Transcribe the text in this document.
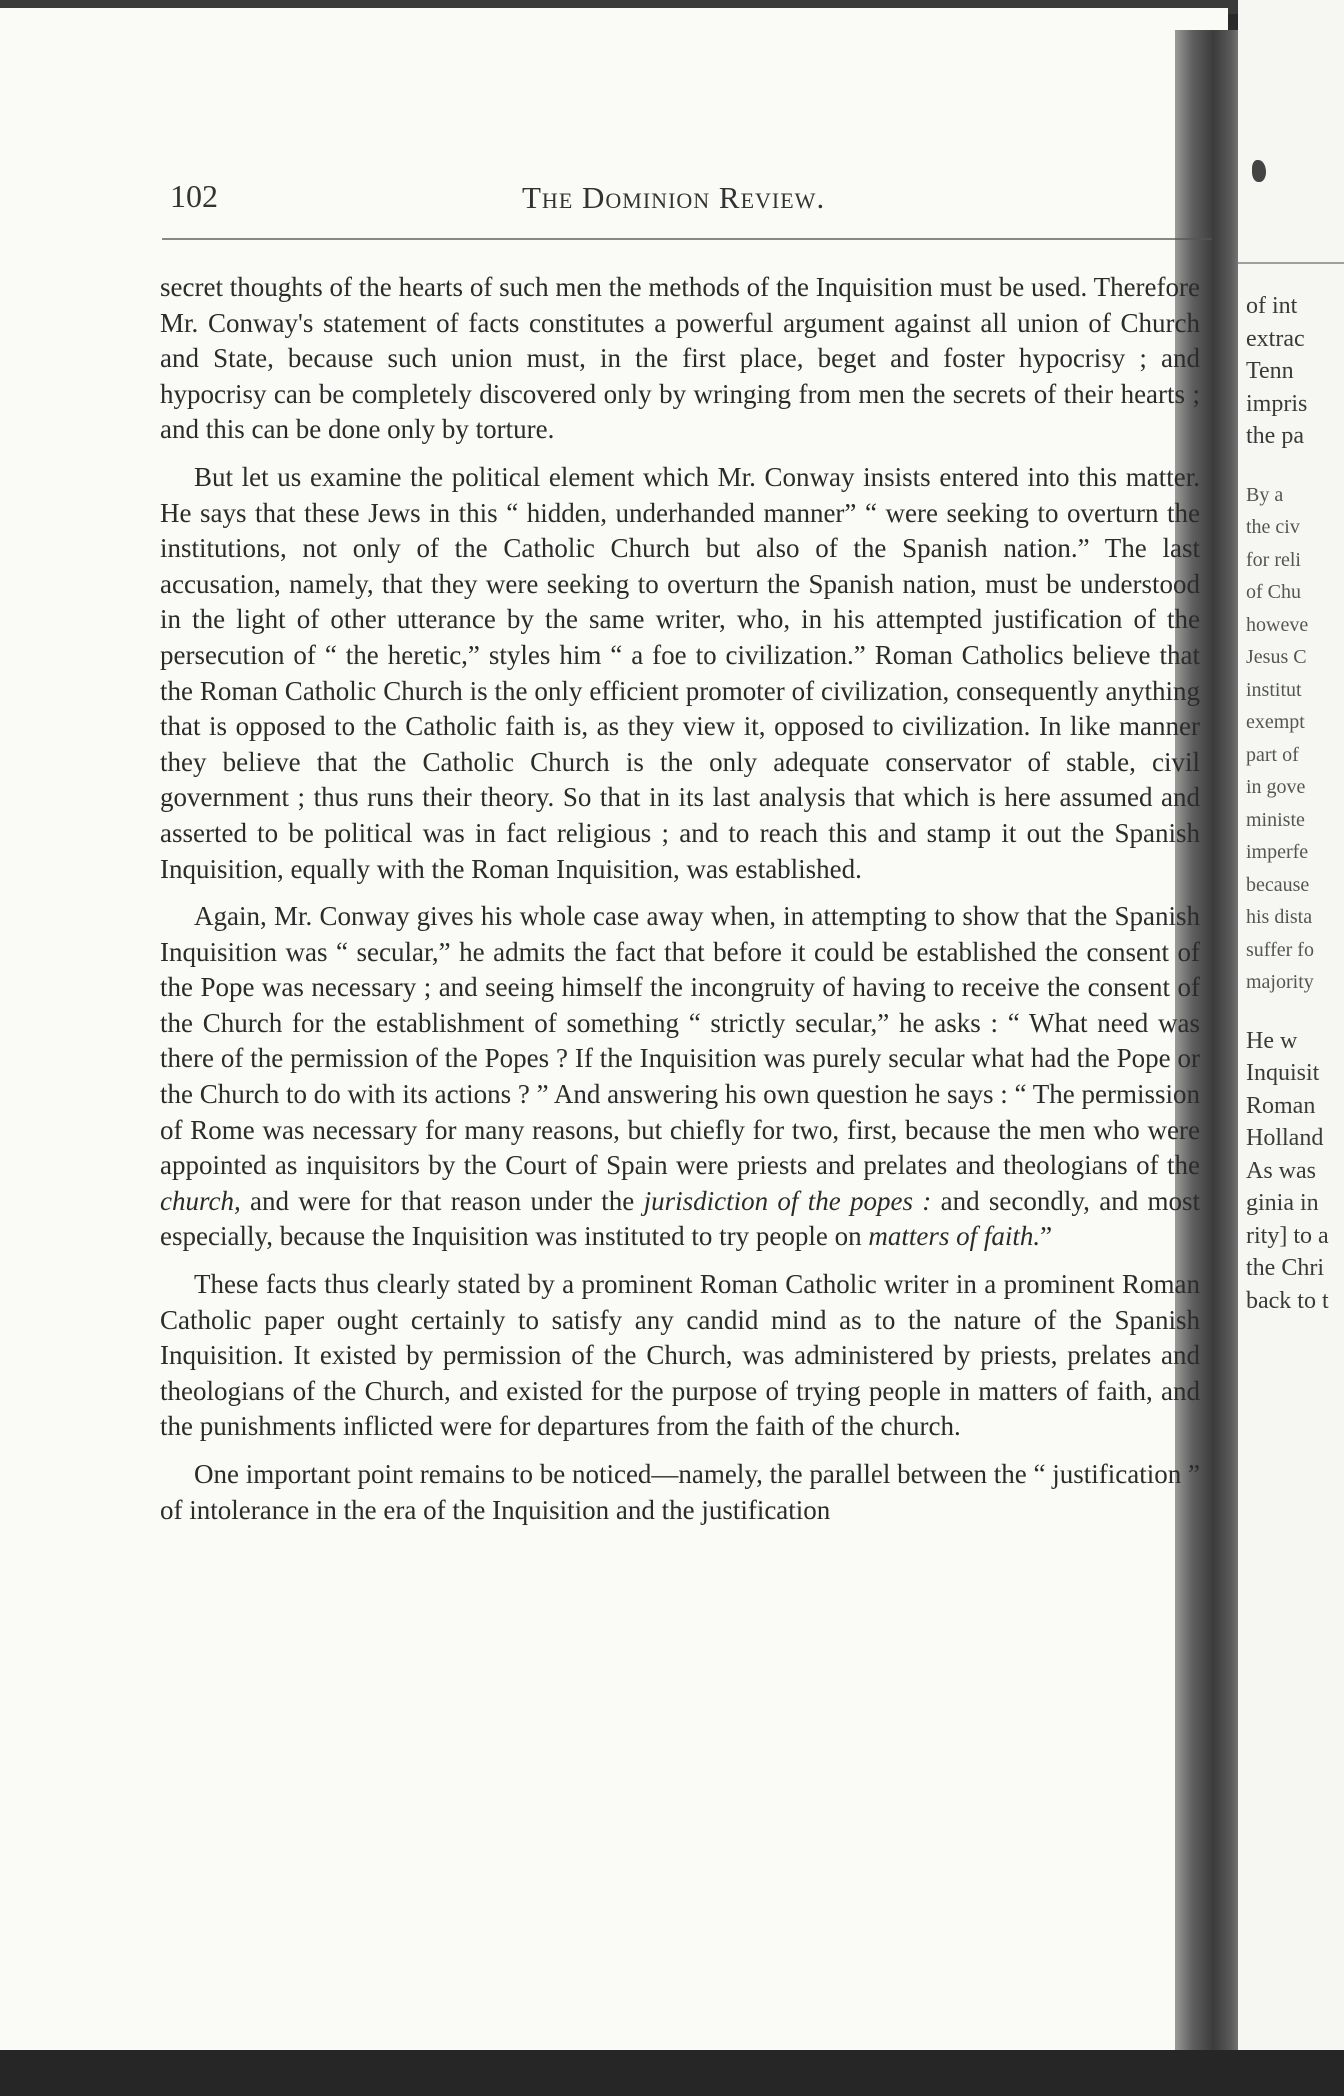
of int
extrac
Tenn
impris
the pa
By a
the civ
for reli
of Chu
howeve
Jesus C
institut
exempt
part of
in gove
ministe
imperfe
because
his dista
suffer fo
majority
He w
Inquisit
Roman
Holland
As was
ginia in
rity] to a
the Chri
back to t
102	The Dominion Review.

secret thoughts of the hearts of such men the methods of the Inquisition must be used. Therefore Mr. Conway's statement of facts constitutes a powerful argument against all union of Church and State, because such union must, in the first place, beget and foster hypocrisy ; and hypocrisy can be completely discovered only by wringing from men the secrets of their hearts ; and this can be done only by torture.

But let us examine the political element which Mr. Conway insists entered into this matter. He says that these Jews in this “ hidden, underhanded manner” “ were seeking to overturn the institutions, not only of the Catholic Church but also of the Spanish nation.” The last accusation, namely, that they were seeking to overturn the Spanish nation, must be understood in the light of other utterance by the same writer, who, in his attempted justification of the persecution of “ the heretic,” styles him “ a foe to civilization.” Roman Catholics believe that the Roman Catholic Church is the only efficient promoter of civilization, consequently anything that is opposed to the Catholic faith is, as they view it, opposed to civilization. In like manner they believe that the Catholic Church is the only adequate conservator of stable, civil government ; thus runs their theory. So that in its last analysis that which is here assumed and asserted to be political was in fact religious ; and to reach this and stamp it out the Spanish Inquisition, equally with the Roman Inquisition, was established.

Again, Mr. Conway gives his whole case away when, in attempting to show that the Spanish Inquisition was “ secular,” he admits the fact that before it could be established the consent of the Pope was necessary ; and seeing himself the incongruity of having to receive the consent of the Church for the establishment of something “ strictly secular,” he asks : “ What need was there of the permission of the Popes ? If the Inquisition was purely secular what had the Pope or the Church to do with its actions ? ” And answering his own question he says : “ The permission of Rome was necessary for many reasons, but chiefly for two, first, because the men who were appointed as inquisitors by the Court of Spain were priests and prelates and theologians of the church, and were for that reason under the jurisdiction of the popes : and secondly, and most especially, because the Inquisition was instituted to try people on matters of faith.”

These facts thus clearly stated by a prominent Roman Catholic writer in a prominent Roman Catholic paper ought certainly to satisfy any candid mind as to the nature of the Spanish Inquisition. It existed by permission of the Church, was administered by priests, prelates and theologians of the Church, and existed for the purpose of trying people in matters of faith, and the punishments inflicted were for departures from the faith of the church.

One important point remains to be noticed—namely, the parallel between the “ justification ” of intolerance in the era of the Inquisition and the justification
